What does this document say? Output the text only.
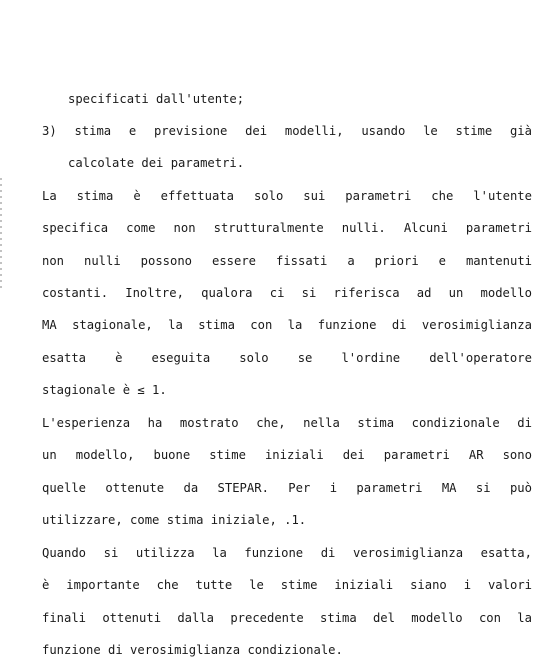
specificati dall'utente;
3) stima e previsione dei modelli, usando le stime già
calcolate dei parametri.
La stima è effettuata solo sui parametri che l'utente
specifica come non strutturalmente nulli. Alcuni parametri
non nulli possono essere fissati a priori e mantenuti
costanti. Inoltre, qualora ci si riferisca ad un modello
MA stagionale, la stima con la funzione di verosimiglianza
esatta è eseguita solo se l'ordine dell'operatore
stagionale è ≤ 1.
L'esperienza ha mostrato che, nella stima condizionale di
un modello, buone stime iniziali dei parametri AR sono
quelle ottenute da STEPAR. Per i parametri MA si può
utilizzare, come stima iniziale, .1.
Quando si utilizza la funzione di verosimiglianza esatta,
è importante che tutte le stime iniziali siano i valori
finali ottenuti dalla precedente stima del modello con la
funzione di verosimiglianza condizionale.
